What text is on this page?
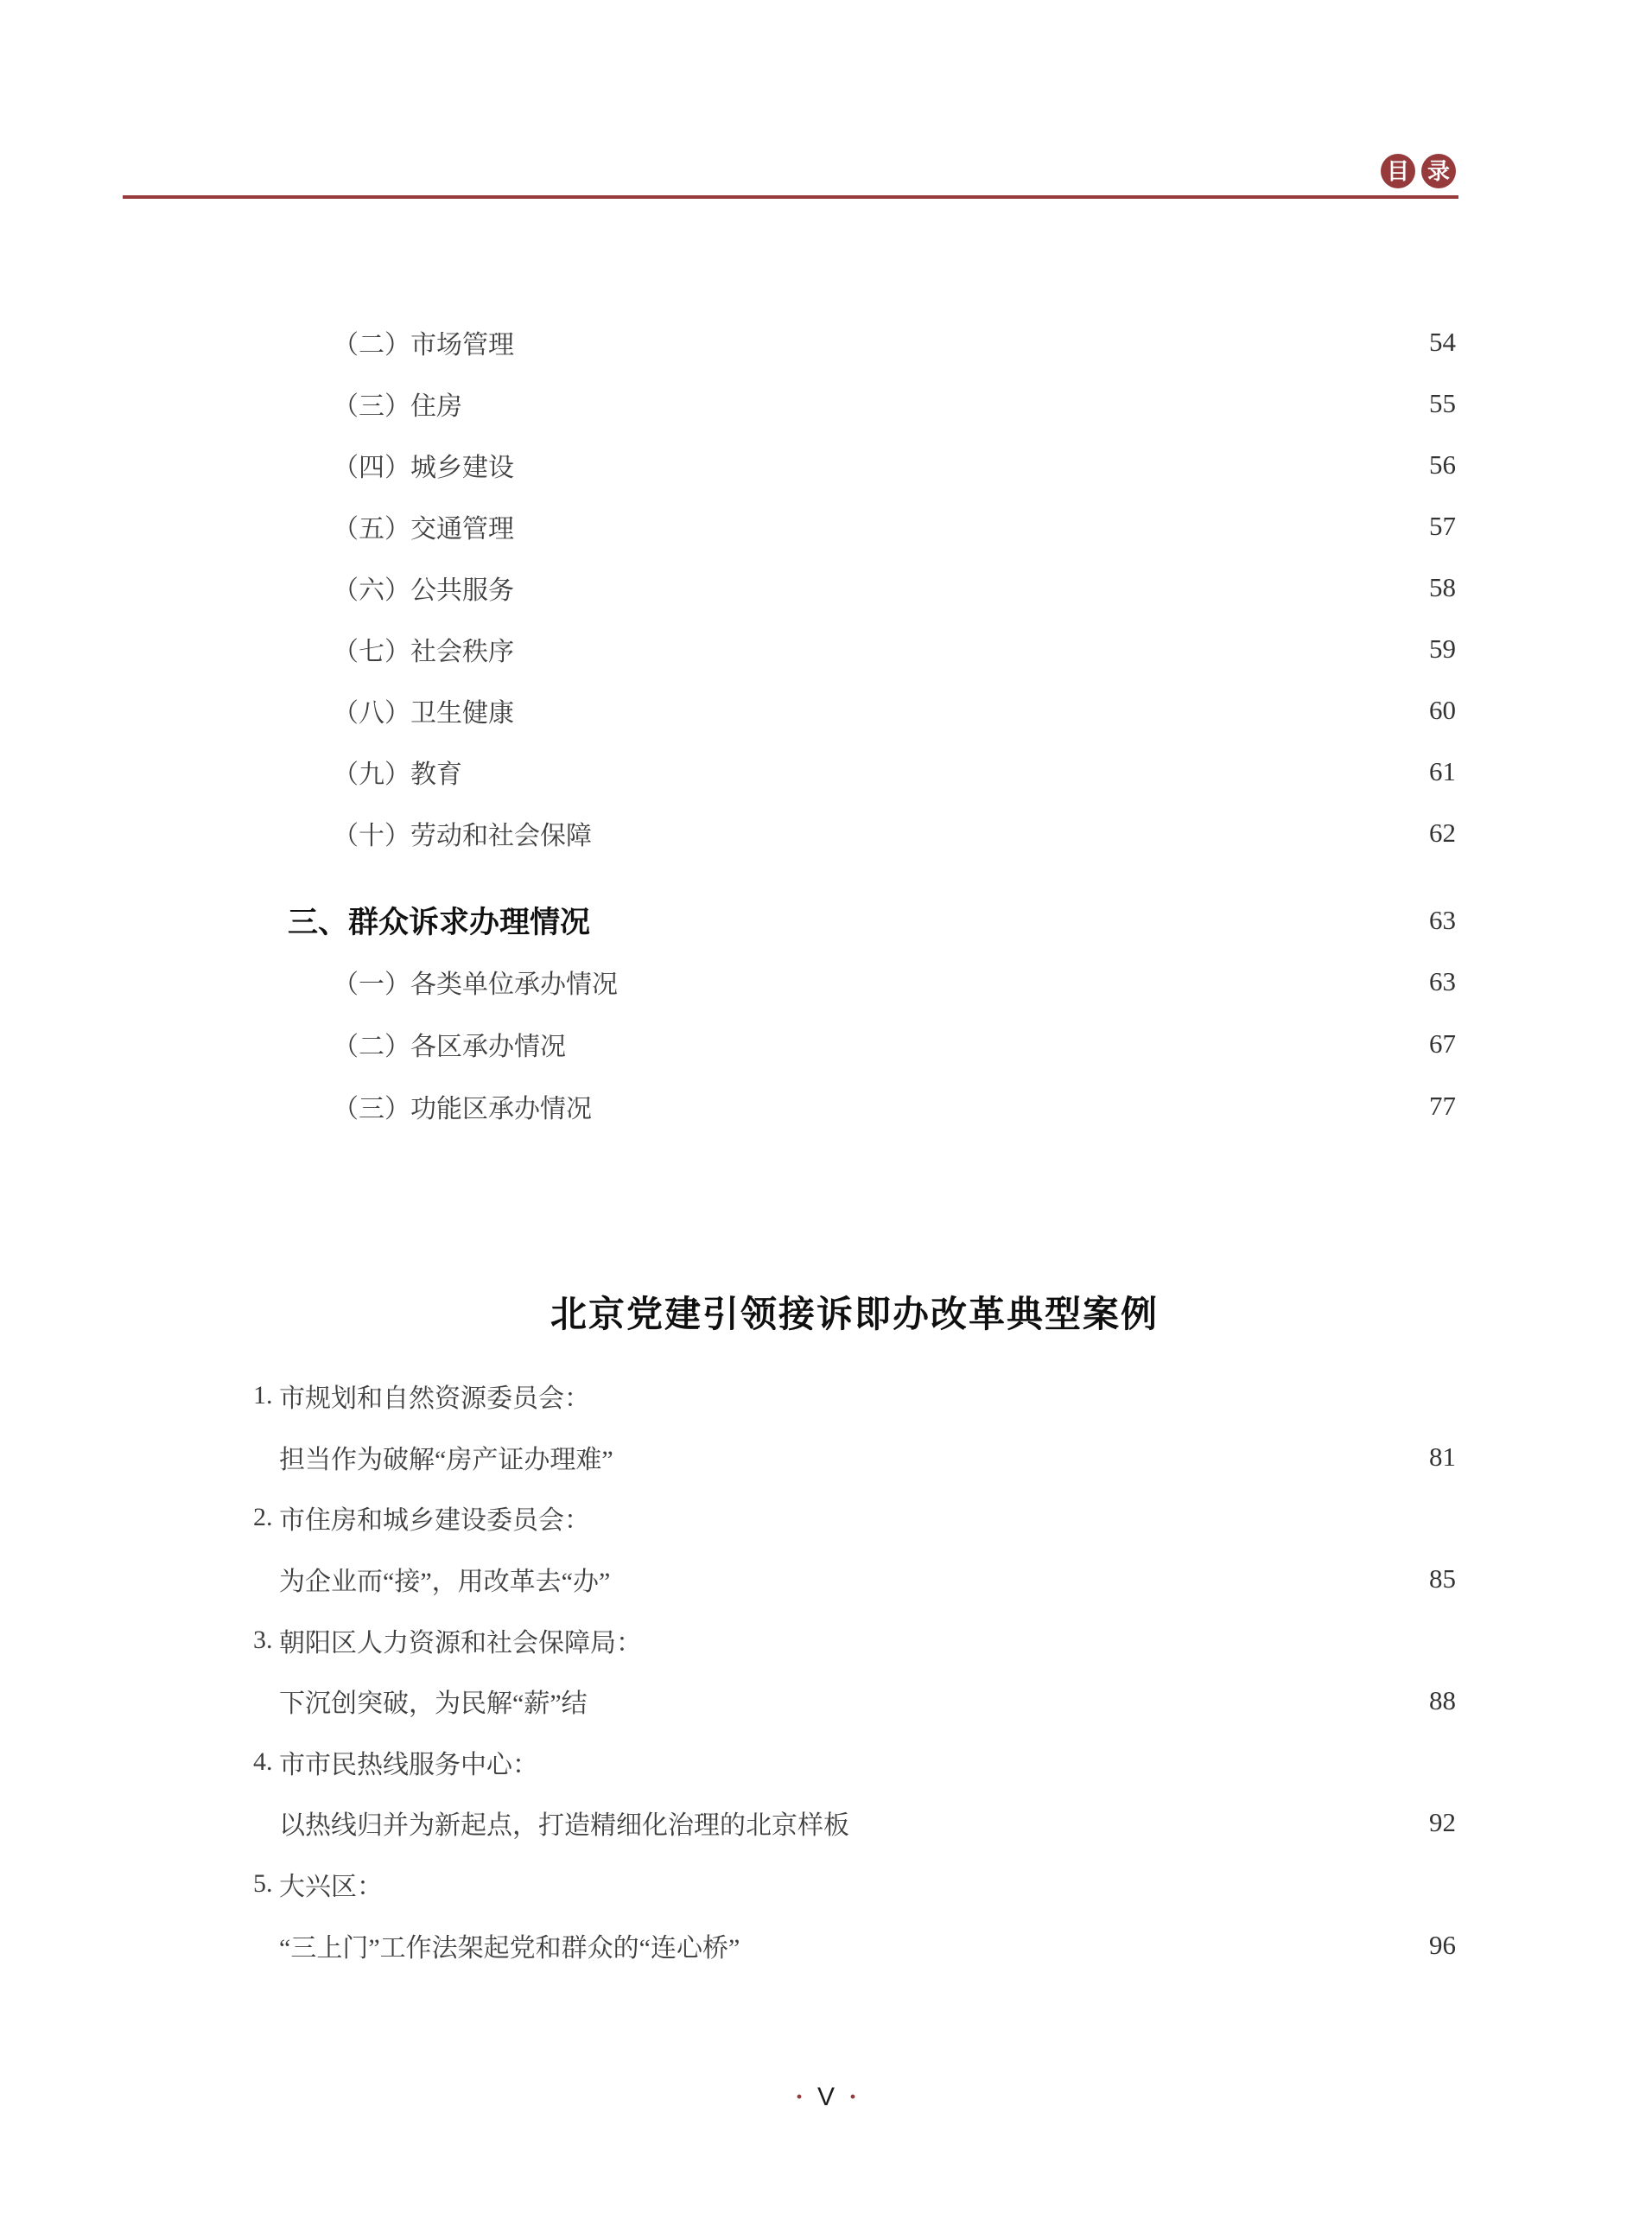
目 录
（二）市场管理	54
（三）住房	55
（四）城乡建设	56
（五）交通管理	57
（六）公共服务	58
（七）社会秩序	59
（八）卫生健康	60
（九）教育	61
（十）劳动和社会保障	62
三、群众诉求办理情况	63
（一）各类单位承办情况	63
（二）各区承办情况	67
（三）功能区承办情况	77
北京党建引领接诉即办改革典型案例
1. 市规划和自然资源委员会：
担当作为破解“房产证办理难”	81
2. 市住房和城乡建设委员会：
为企业而“接”，用改革去“办”	85
3. 朝阳区人力资源和社会保障局：
下沉创突破，为民解“薪”结	88
4. 市市民热线服务中心：
以热线归并为新起点，打造精细化治理的北京样板	92
5. 大兴区：
“三上门”工作法架起党和群众的“连心桥”	96
· V ·
